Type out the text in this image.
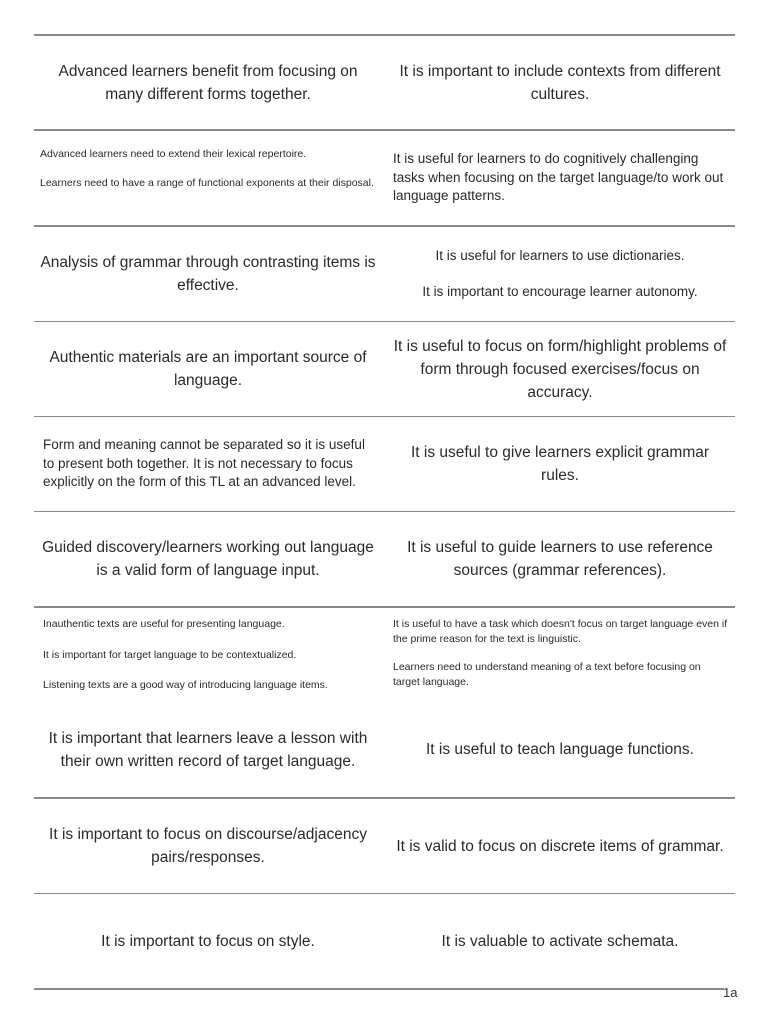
Advanced learners benefit from focusing on many different forms together.

It is important to include contexts from different cultures.

Advanced learners need to extend their lexical repertoire.

Learners need to have a range of functional exponents at their disposal.

It is useful for learners to do cognitively challenging tasks when focusing on the target language/to work out language patterns.

Analysis of grammar through contrasting items is effective.

It is useful for learners to use dictionaries.

It is important to encourage learner autonomy.

Authentic materials are an important source of language.

It is useful to focus on form/highlight problems of form through focused exercises/focus on accuracy.

Form and meaning cannot be separated so it is useful to present both together. It is not necessary to focus explicitly on the form of this TL at an advanced level.

It is useful to give learners explicit grammar rules.

Guided discovery/learners working out language is a valid form of language input.

It is useful to guide learners to use reference sources (grammar references).

Inauthentic texts are useful for presenting language.

It is important for target language to be contextualized.

Listening texts are a good way of introducing language items.

It is useful to have a task which doesn't focus on target language even if the prime reason for the text is linguistic.

Learners need to understand meaning of a text before focusing on target language.

It is important that learners leave a lesson with their own written record of target language.

It is useful to teach language functions.

It is important to focus on discourse/adjacency pairs/responses.

It is valid to focus on discrete items of grammar.

It is important to focus on style.	It is valuable to activate schemata.

1a
